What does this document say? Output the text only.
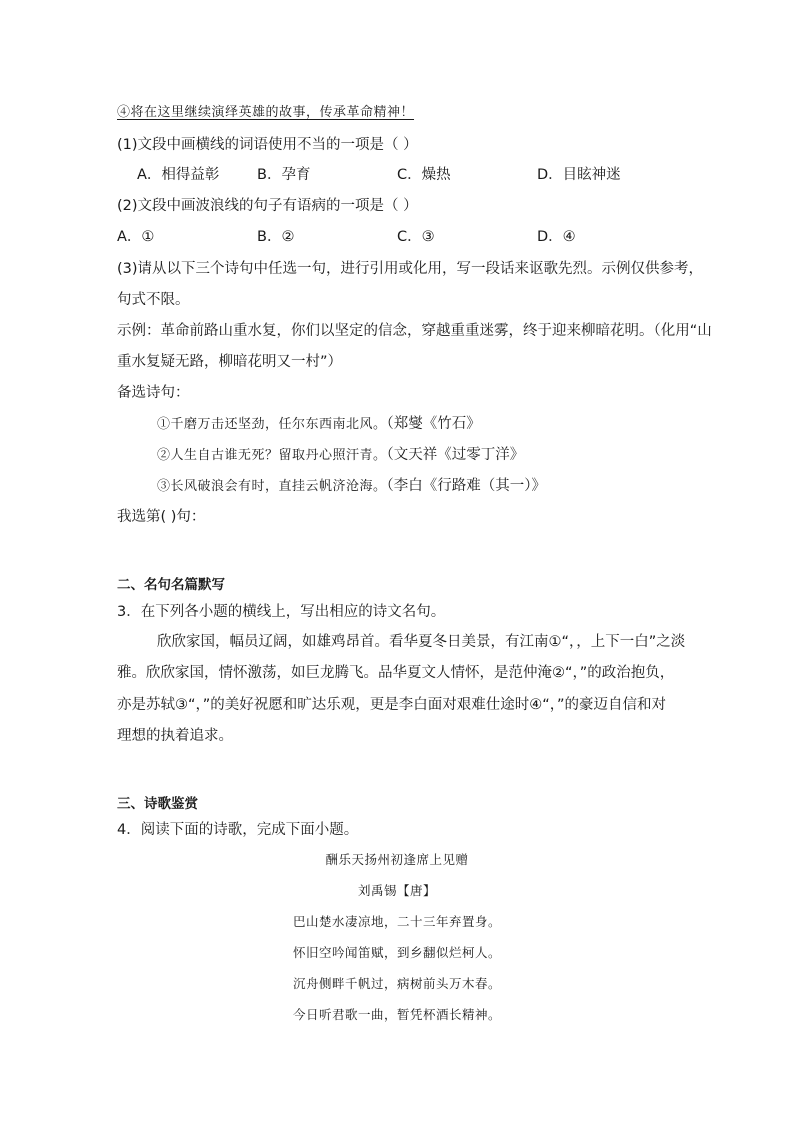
④将在这里继续演绎英雄的故事，传承革命精神！
(1)文段中画横线的词语使用不当的一项是（ ）
A．相得益彰	B．孕育	C．燥热	D．目眩神迷
(2)文段中画波浪线的句子有语病的一项是（ ）
A．①	B．②	C．③	D．④
(3)请从以下三个诗句中任选一句，进行引用或化用，写一段话来讴歌先烈。示例仅供参考，
句式不限。
示例：革命前路山重水复，你们以坚定的信念，穿越重重迷雾，终于迎来柳暗花明。（化用“山
重水复疑无路，柳暗花明又一村”）
备选诗句：
①千磨万击还坚劲，任尔东西南北风。（郑燮《竹石》
②人生自古谁无死？留取丹心照汗青。（文天祥《过零丁洋》
③长风破浪会有时，直挂云帆济沧海。（李白《行路难（其一）》
我选第( )句：
二、名句名篇默写
3．在下列各小题的横线上，写出相应的诗文名句。
欣欣家国，幅员辽阔，如雄鸡昂首。看华夏冬日美景，有江南①“，，上下一白”之淡
雅。欣欣家国，情怀激荡，如巨龙腾飞。品华夏文人情怀，是范仲淹②“，”的政治抱负，
亦是苏轼③“，”的美好祝愿和旷达乐观，更是李白面对艰难仕途时④“，”的豪迈自信和对
理想的执着追求。
三、诗歌鉴赏
4．阅读下面的诗歌，完成下面小题。
酬乐天扬州初逢席上见赠
刘禹锡【唐】
巴山楚水凄凉地，二十三年弃置身。
怀旧空吟闻笛赋，到乡翻似烂柯人。
沉舟侧畔千帆过，病树前头万木春。
今日听君歌一曲，暂凭杯酒长精神。
